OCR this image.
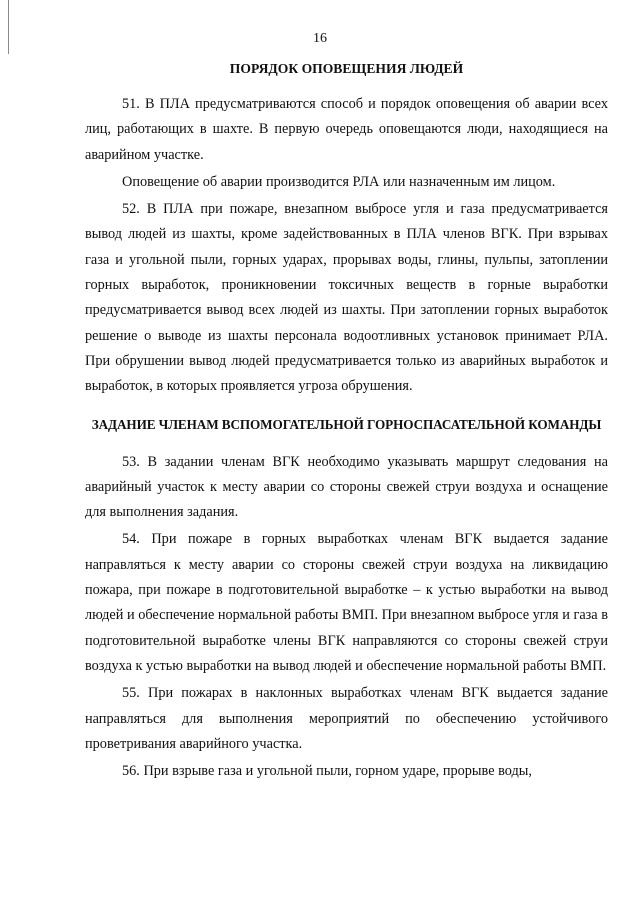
16
ПОРЯДОК ОПОВЕЩЕНИЯ ЛЮДЕЙ

51. В ПЛА предусматриваются способ и порядок оповещения об аварии всех лиц, работающих в шахте. В первую очередь оповещаются люди, находящиеся на аварийном участке.

Оповещение об аварии производится РЛА или назначенным им лицом.

52. В ПЛА при пожаре, внезапном выбросе угля и газа предусматривается вывод людей из шахты, кроме задействованных в ПЛА членов ВГК. При взрывах газа и угольной пыли, горных ударах, прорывах воды, глины, пульпы, затоплении горных выработок, проникновении токсичных веществ в горные выработки предусматривается вывод всех людей из шахты. При затоплении горных выработок решение о выводе из шахты персонала водоотливных установок принимает РЛА. При обрушении вывод людей предусматривается только из аварийных выработок и выработок, в которых проявляется угроза обрушения.

ЗАДАНИЕ ЧЛЕНАМ ВСПОМОГАТЕЛЬНОЙ ГОРНОСПАСАТЕЛЬНОЙ КОМАНДЫ

53. В задании членам ВГК необходимо указывать маршрут следования на аварийный участок к месту аварии со стороны свежей струи воздуха и оснащение для выполнения задания.

54. При пожаре в горных выработках членам ВГК выдается задание направляться к месту аварии со стороны свежей струи воздуха на ликвидацию пожара, при пожаре в подготовительной выработке – к устью выработки на вывод людей и обеспечение нормальной работы ВМП. При внезапном выбросе угля и газа в подготовительной выработке члены ВГК направляются со стороны свежей струи воздуха к устью выработки на вывод людей и обеспечение нормальной работы ВМП.

55. При пожарах в наклонных выработках членам ВГК выдается задание направляться для выполнения мероприятий по обеспечению устойчивого проветривания аварийного участка.

56. При взрыве газа и угольной пыли, горном ударе, прорыве воды,
